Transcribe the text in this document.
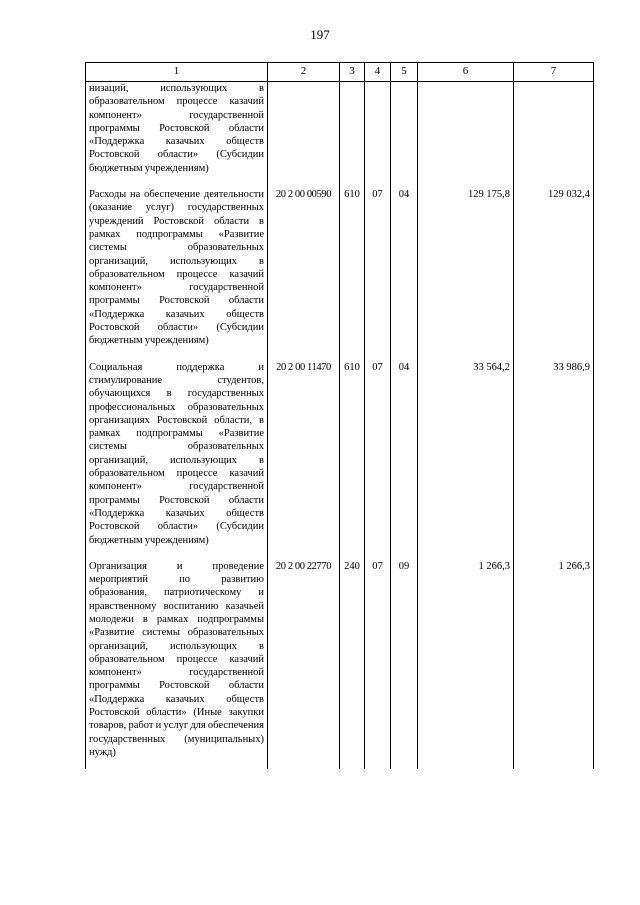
197
1	2	3	4	5	6	7
низаций, использующих в образовательном процессе казачий компонент» государственной программы Ростовской области «Поддержка казачьих обществ Ростовской области» (Субсидии бюджетным учреждениям)						
Расходы на обеспечение деятельности (оказание услуг) государственных учреждений Ростовской области в рамках подпрограммы «Развитие системы образовательных организаций, использующих в образовательном процессе казачий компонент» государственной программы Ростовской области «Поддержка казачьих обществ Ростовской области» (Субсидии бюджетным учреждениям)	20 2 00 00590	610	07	04	129 175,8	129 032,4
Социальная поддержка и стимулирование студентов, обучающихся в государственных профессиональных образовательных организациях Ростовской области, в рамках подпрограммы «Развитие системы образовательных организаций, использующих в образовательном процессе казачий компонент» государственной программы Ростовской области «Поддержка казачьих обществ Ростовской области» (Субсидии бюджетным учреждениям)	20 2 00 11470	610	07	04	33 564,2	33 986,9
Организация и проведение мероприятий по развитию образования, патриотическому и нравственному воспитанию казачьей молодежи в рамках подпрограммы «Развитие системы образовательных организаций, использующих в образовательном процессе казачий компонент» государственной программы Ростовской области «Поддержка казачьих обществ Ростовской области» (Иные закупки товаров, работ и услуг для обеспечения государственных (муниципальных) нужд)	20 2 00 22770	240	07	09	1 266,3	1 266,3
